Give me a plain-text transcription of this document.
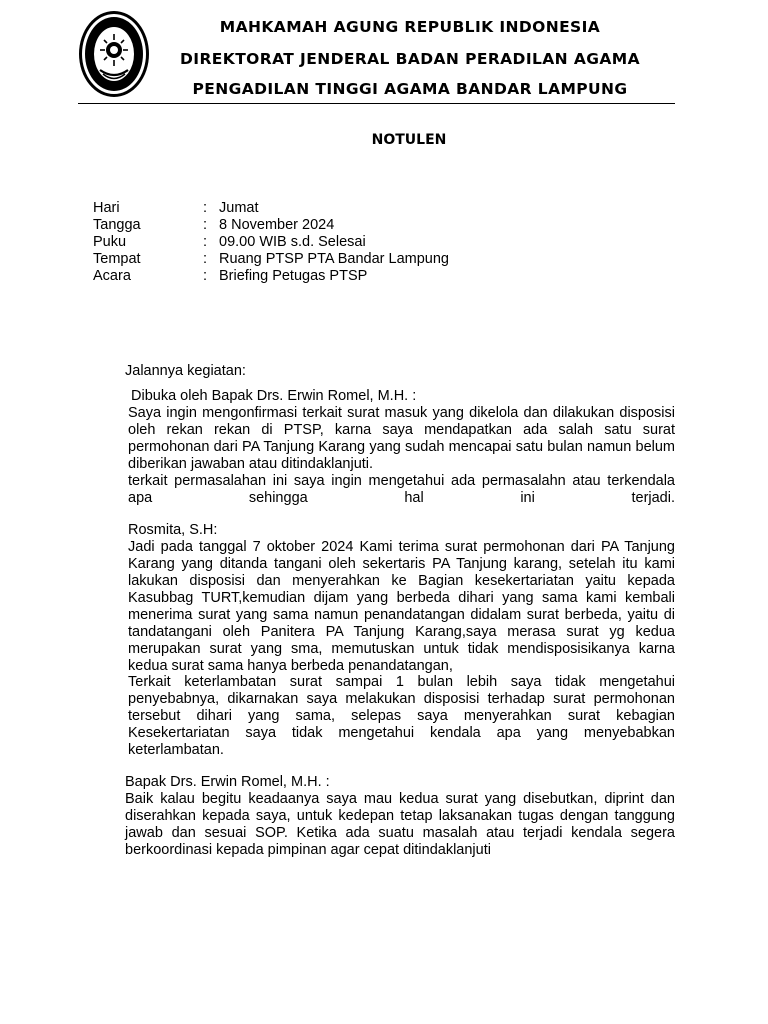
MAHKAMAH AGUNG REPUBLIK INDONESIA
DIREKTORAT JENDERAL BADAN PERADILAN AGAMA
PENGADILAN TINGGI AGAMA BANDAR LAMPUNG
NOTULEN
Hari	: Jumat
Tangga	: 8 November 2024
Puku	: 09.00 WIB s.d. Selesai
Tempat	: Ruang PTSP PTA Bandar Lampung
Acara	: Briefing Petugas PTSP
Jalannya kegiatan:
Dibuka oleh Bapak Drs. Erwin Romel, M.H. :
Saya ingin mengonfirmasi terkait surat masuk yang dikelola dan dilakukan disposisi oleh rekan rekan di PTSP, karna saya mendapatkan ada salah satu surat permohonan dari PA Tanjung Karang yang sudah mencapai satu bulan namun belum diberikan jawaban atau ditindaklanjuti.
terkait permasalahan ini saya ingin mengetahui ada permasalahn atau terkendala apa sehingga hal ini terjadi.
Rosmita, S.H:
Jadi pada tanggal 7 oktober 2024 Kami terima surat permohonan dari PA Tanjung Karang yang ditanda tangani oleh sekertaris PA Tanjung karang, setelah itu kami lakukan disposisi dan menyerahkan ke Bagian kesekertariatan yaitu kepada Kasubbag TURT,kemudian dijam yang berbeda dihari yang sama kami kembali menerima surat yang sama namun penandatangan didalam surat berbeda, yaitu di tandatangani oleh Panitera PA Tanjung Karang,saya merasa surat yg kedua merupakan surat yang sma, memutuskan untuk tidak mendisposisikanya karna kedua surat sama hanya berbeda penandatangan,
Terkait keterlambatan surat sampai 1 bulan lebih saya tidak mengetahui penyebabnya, dikarnakan saya melakukan disposisi terhadap surat permohonan tersebut dihari yang sama, selepas saya menyerahkan surat kebagian Kesekertariatan saya tidak mengetahui kendala apa yang menyebabkan keterlambatan.
Bapak Drs. Erwin Romel, M.H. :
Baik kalau begitu keadaanya saya mau kedua surat yang disebutkan, diprint dan diserahkan kepada saya, untuk kedepan tetap laksanakan tugas dengan tanggung jawab dan sesuai SOP. Ketika ada suatu masalah atau terjadi kendala segera berkoordinasi kepada pimpinan agar cepat ditindaklanjuti
